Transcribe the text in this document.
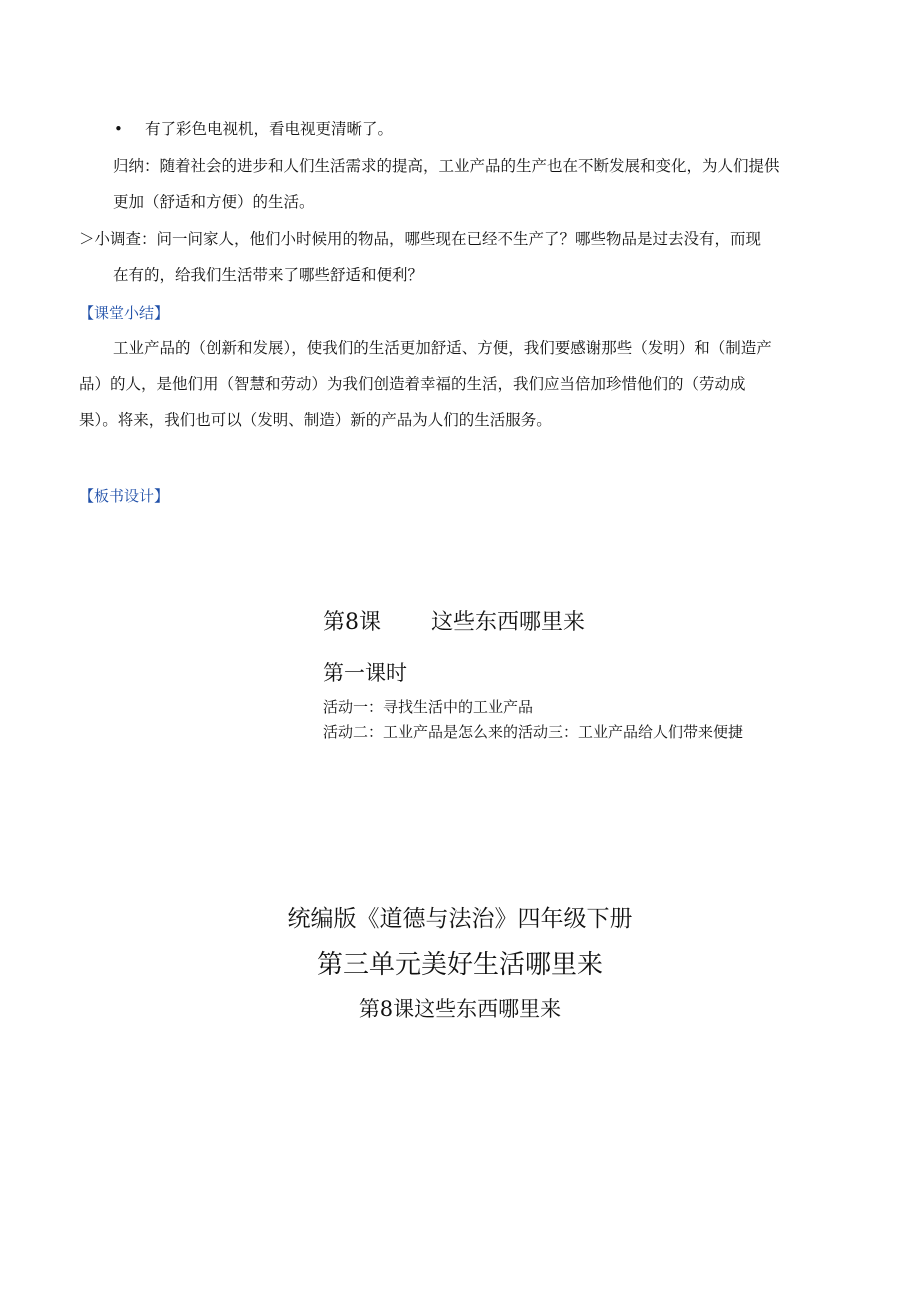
• 有了彩色电视机，看电视更清晰了。
归纳：随着社会的进步和人们生活需求的提高，工业产品的生产也在不断发展和变化，为人们提供
更加（舒适和方便）的生活。
＞小调查：问一问家人，他们小时候用的物品，哪些现在已经不生产了？哪些物品是过去没有，而现
在有的，给我们生活带来了哪些舒适和便利？
【课堂小结】
工业产品的（创新和发展），使我们的生活更加舒适、方便，我们要感谢那些（发明）和（制造产
品）的人，是他们用（智慧和劳动）为我们创造着幸福的生活，我们应当倍加珍惜他们的（劳动成
果）。将来，我们也可以（发明、制造）新的产品为人们的生活服务。
【板书设计】
第8课 这些东西哪里来
第一课时
活动一：寻找生活中的工业产品
活动二：工业产品是怎么来的活动三：工业产品给人们带来便捷
统编版《道德与法治》四年级下册
第三单元美好生活哪里来
第8课这些东西哪里来
